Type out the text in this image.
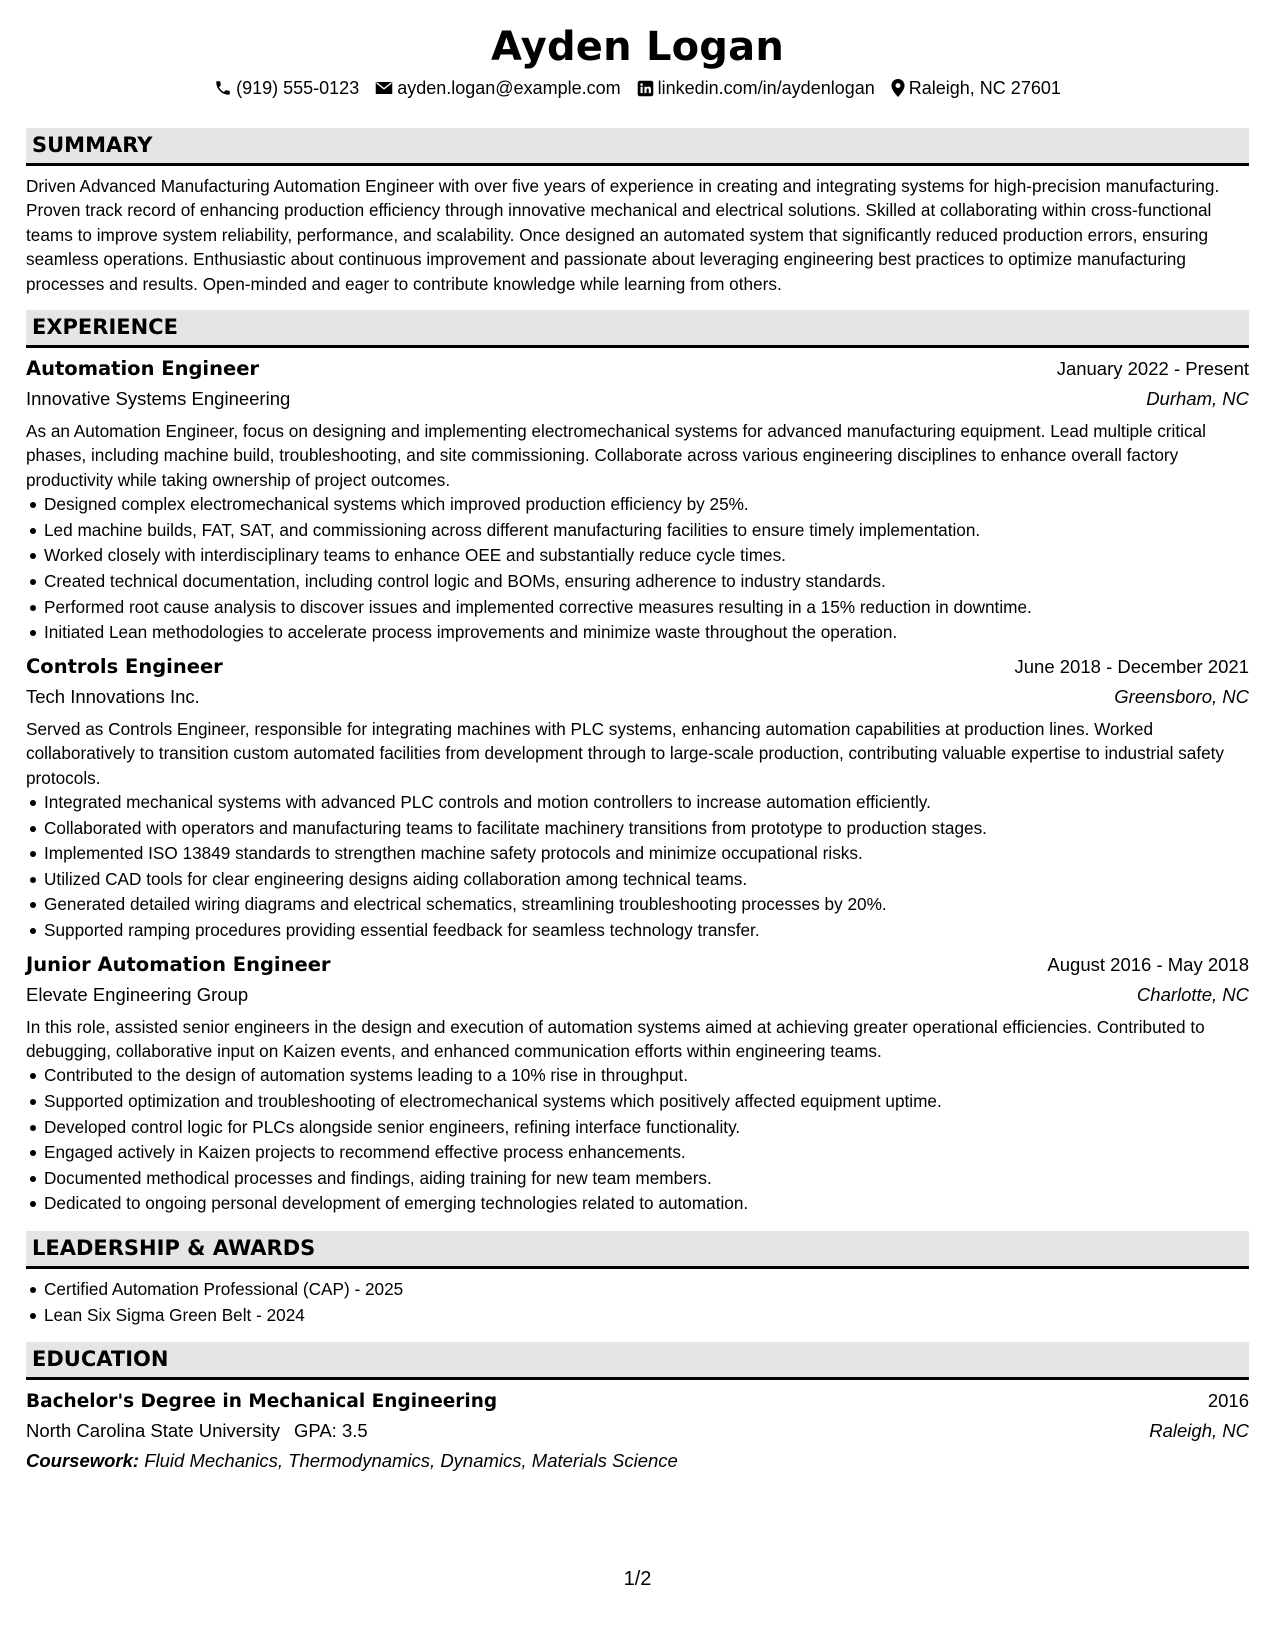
Ayden Logan
(919) 555-0123 ayden.logan@example.com linkedin.com/in/aydenlogan Raleigh, NC 27601
SUMMARY

Driven Advanced Manufacturing Automation Engineer with over five years of experience in creating and integrating systems for high-precision manufacturing. Proven track record of enhancing production efficiency through innovative mechanical and electrical solutions. Skilled at collaborating within cross-functional teams to improve system reliability, performance, and scalability. Once designed an automated system that significantly reduced production errors, ensuring seamless operations. Enthusiastic about continuous improvement and passionate about leveraging engineering best practices to optimize manufacturing processes and results. Open-minded and eager to contribute knowledge while learning from others.

EXPERIENCE
Automation Engineer	January 2022 - Present
Innovative Systems Engineering	Durham, NC

As an Automation Engineer, focus on designing and implementing electromechanical systems for advanced manufacturing equipment. Lead multiple critical phases, including machine build, troubleshooting, and site commissioning. Collaborate across various engineering disciplines to enhance overall factory productivity while taking ownership of project outcomes.

Designed complex electromechanical systems which improved production efficiency by 25%.
Led machine builds, FAT, SAT, and commissioning across different manufacturing facilities to ensure timely implementation.
Worked closely with interdisciplinary teams to enhance OEE and substantially reduce cycle times.
Created technical documentation, including control logic and BOMs, ensuring adherence to industry standards.
Performed root cause analysis to discover issues and implemented corrective measures resulting in a 15% reduction in downtime.
Initiated Lean methodologies to accelerate process improvements and minimize waste throughout the operation.
Controls Engineer	June 2018 - December 2021
Tech Innovations Inc.	Greensboro, NC

Served as Controls Engineer, responsible for integrating machines with PLC systems, enhancing automation capabilities at production lines. Worked collaboratively to transition custom automated facilities from development through to large-scale production, contributing valuable expertise to industrial safety protocols.

Integrated mechanical systems with advanced PLC controls and motion controllers to increase automation efficiently.
Collaborated with operators and manufacturing teams to facilitate machinery transitions from prototype to production stages.
Implemented ISO 13849 standards to strengthen machine safety protocols and minimize occupational risks.
Utilized CAD tools for clear engineering designs aiding collaboration among technical teams.
Generated detailed wiring diagrams and electrical schematics, streamlining troubleshooting processes by 20%.
Supported ramping procedures providing essential feedback for seamless technology transfer.
Junior Automation Engineer	August 2016 - May 2018
Elevate Engineering Group	Charlotte, NC

In this role, assisted senior engineers in the design and execution of automation systems aimed at achieving greater operational efficiencies. Contributed to debugging, collaborative input on Kaizen events, and enhanced communication efforts within engineering teams.

Contributed to the design of automation systems leading to a 10% rise in throughput.
Supported optimization and troubleshooting of electromechanical systems which positively affected equipment uptime.
Developed control logic for PLCs alongside senior engineers, refining interface functionality.
Engaged actively in Kaizen projects to recommend effective process enhancements.
Documented methodical processes and findings, aiding training for new team members.
Dedicated to ongoing personal development of emerging technologies related to automation.
LEADERSHIP & AWARDS
Certified Automation Professional (CAP) - 2025
Lean Six Sigma Green Belt - 2024
EDUCATION
Bachelor's Degree in Mechanical Engineering	2016
North Carolina State University GPA: 3.5	Raleigh, NC
Coursework: Fluid Mechanics, Thermodynamics, Dynamics, Materials Science
1/2
